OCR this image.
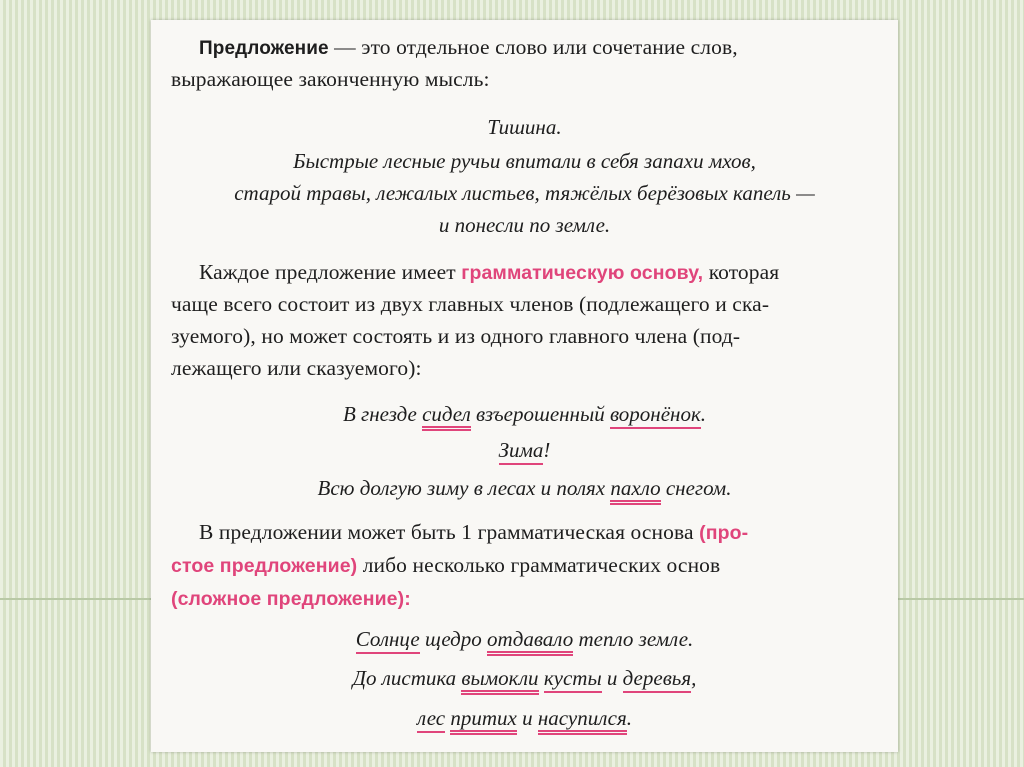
Предложение — это отдельное слово или сочетание слов,

выражающее законченную мысль:

Тишина.

Быстрые лесные ручьи впитали в себя запахи мхов,

старой травы, лежалых листьев, тяжёлых берёзовых капель —

и понесли по земле.

Каждое предложение имеет грамматическую основу, которая

чаще всего состоит из двух главных членов (подлежащего и ска-

зуемого), но может состоять и из одного главного члена (под-

лежащего или сказуемого):

В гнезде сидел взъерошенный воронёнок.

Зима!

Всю долгую зиму в лесах и полях пахло снегом.

В предложении может быть 1 грамматическая основа (про-

стое предложение) либо несколько грамматических основ

(сложное предложение):

Солнце щедро отдавало тепло земле.

До листика вымокли кусты и деревья,

лес притих и насупился.
